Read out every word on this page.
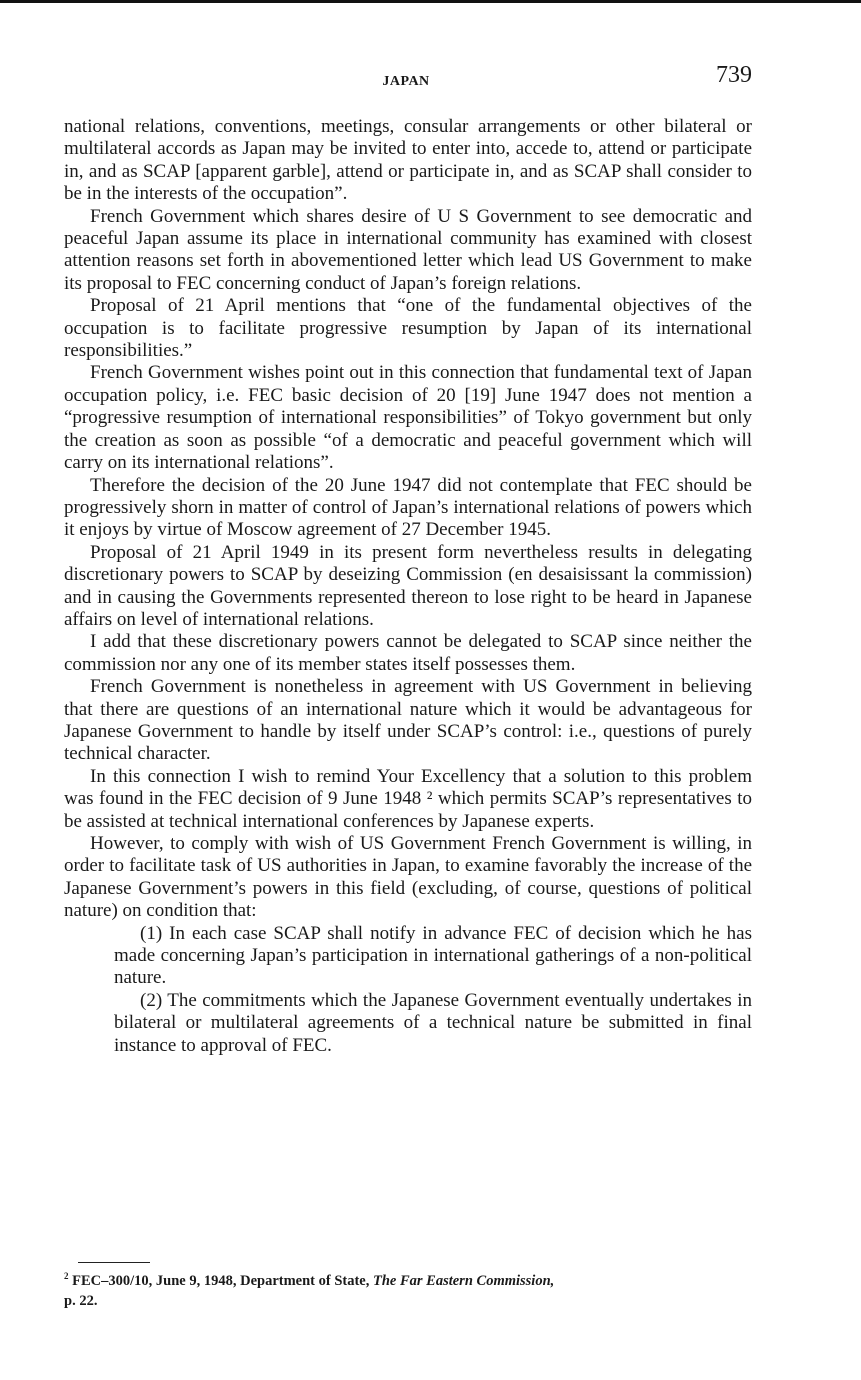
JAPAN	739

national relations, conventions, meetings, consular arrangements or other bilateral or multilateral accords as Japan may be invited to enter into, accede to, attend or participate in, and as SCAP [apparent garble], attend or participate in, and as SCAP shall consider to be in the interests of the occupation”.

French Government which shares desire of U S Government to see democratic and peaceful Japan assume its place in international community has examined with closest attention reasons set forth in abovementioned letter which lead US Government to make its proposal to FEC concerning conduct of Japan’s foreign relations.

Proposal of 21 April mentions that “one of the fundamental objectives of the occupation is to facilitate progressive resumption by Japan of its international responsibilities.”

French Government wishes point out in this connection that fundamental text of Japan occupation policy, i.e. FEC basic decision of 20 [19] June 1947 does not mention a “progressive resumption of international responsibilities” of Tokyo government but only the creation as soon as possible “of a democratic and peaceful government which will carry on its international relations”.

Therefore the decision of the 20 June 1947 did not contemplate that FEC should be progressively shorn in matter of control of Japan’s international relations of powers which it enjoys by virtue of Moscow agreement of 27 December 1945.

Proposal of 21 April 1949 in its present form nevertheless results in delegating discretionary powers to SCAP by deseizing Commission (en desaisissant la commission) and in causing the Governments represented thereon to lose right to be heard in Japanese affairs on level of international relations.

I add that these discretionary powers cannot be delegated to SCAP since neither the commission nor any one of its member states itself possesses them.

French Government is nonetheless in agreement with US Government in believing that there are questions of an international nature which it would be advantageous for Japanese Government to handle by itself under SCAP’s control: i.e., questions of purely technical character.

In this connection I wish to remind Your Excellency that a solution to this problem was found in the FEC decision of 9 June 1948 ² which permits SCAP’s representatives to be assisted at technical international conferences by Japanese experts.

However, to comply with wish of US Government French Government is willing, in order to facilitate task of US authorities in Japan, to examine favorably the increase of the Japanese Government’s powers in this field (excluding, of course, questions of political nature) on condition that:

(1) In each case SCAP shall notify in advance FEC of decision which he has made concerning Japan’s participation in international gatherings of a non-political nature.

(2) The commitments which the Japanese Government eventually undertakes in bilateral or multilateral agreements of a technical nature be submitted in final instance to approval of FEC.

$^2$ FEC–300/10, June 9, 1948, Department of State, The Far Eastern Commission,
p. 22.
